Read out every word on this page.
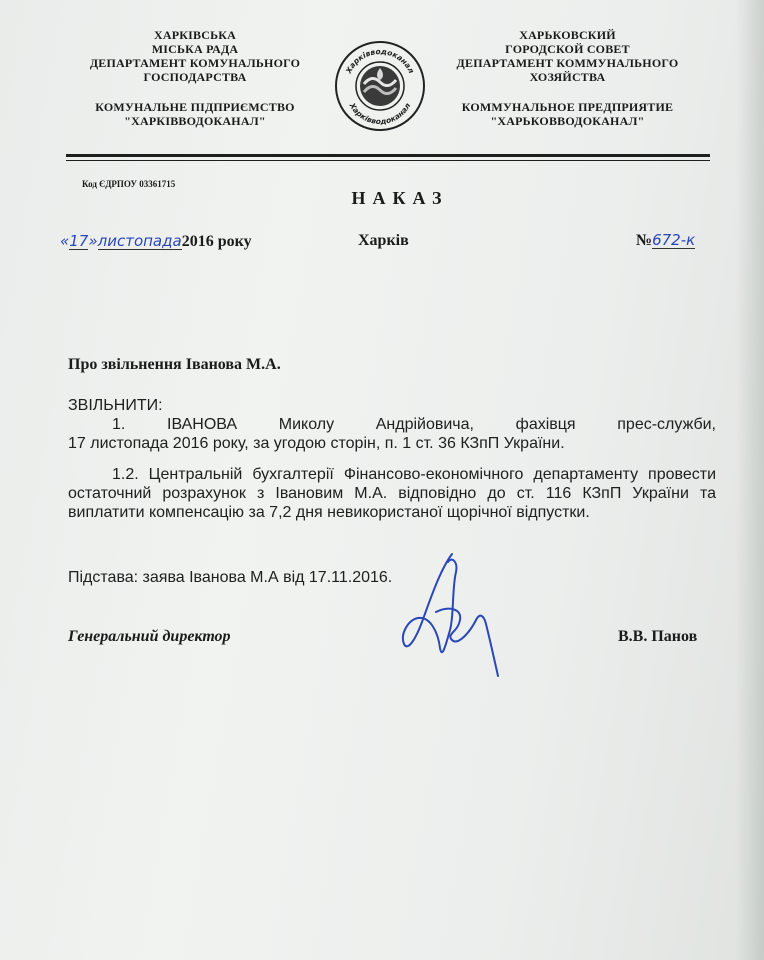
ХАРКІВСЬКА
МІСЬКА РАДА
ДЕПАРТАМЕНТ КОМУНАЛЬНОГО
ГОСПОДАРСТВА
КОМУНАЛЬНЕ ПІДПРИЄМСТВО
"ХАРКІВВОДОКАНАЛ"
Харківводоканал
Харківводоканал
ХАРЬКОВСКИЙ
ГОРОДСКОЙ СОВЕТ
ДЕПАРТАМЕНТ КОММУНАЛЬНОГО
ХОЗЯЙСТВА
КОММУНАЛЬНОЕ ПРЕДПРИЯТИЕ
"ХАРЬКОВВОДОКАНАЛ"
Код ЄДРПОУ 03361715
НАКАЗ
«17»листопада2016 року	Харків	№672-к
Про звільнення Іванова М.А.
ЗВІЛЬНИТИ:
1. ІВАНОВА Миколу Андрійовича, фахівця прес-служби,
17 листопада 2016 року, за угодою сторін, п. 1 ст. 36 КЗпП України.
1.2. Центральній бухгалтерії Фінансово-економічного департаменту провести остаточний розрахунок з Івановим М.А. відповідно до ст. 116 КЗпП України та виплатити компенсацію за 7,2 дня невикористаної щорічної відпустки.
Підстава: заява Іванова М.А від 17.11.2016.
Генеральний директор	В.В. Панов
